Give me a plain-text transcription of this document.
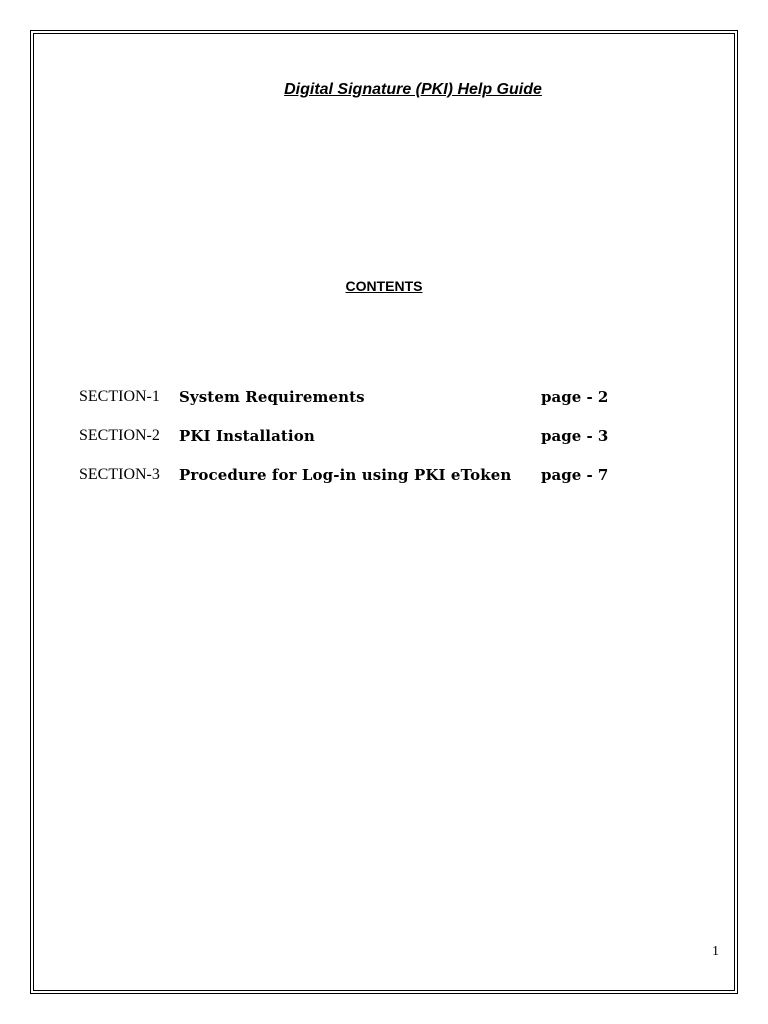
Digital Signature (PKI) Help Guide
CONTENTS
SECTION-1 System Requirements	page - 2
SECTION-2 PKI Installation	page - 3
SECTION-3 Procedure for Log-in using PKI eToken page - 7
1
